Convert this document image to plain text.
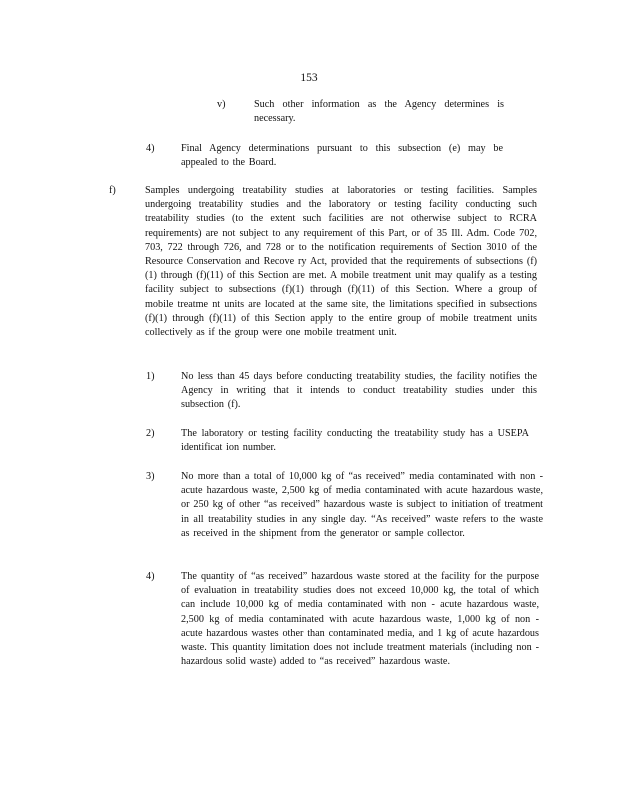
153
v)	Such other information as the Agency determines is necessary.
4)	Final Agency determinations pursuant to this subsection (e) may be appealed to the Board.
f)	Samples undergoing treatability studies at laboratories or testing facilities. Samples undergoing treatability studies and the laboratory or testing facility conducting such treatability studies (to the extent such facilities are not otherwise subject to RCRA requirements) are not subject to any requirement of this Part, or of 35 Ill. Adm. Code 702, 703, 722 through 726, and 728 or to the notification requirements of Section 3010 of the Resource Conservation and Recove ry Act, provided that the requirements of subsections (f)(1) through (f)(11) of this Section are met. A mobile treatment unit may qualify as a testing facility subject to subsections (f)(1) through (f)(11) of this Section. Where a group of mobile treatme nt units are located at the same site, the limitations specified in subsections (f)(1) through (f)(11) of this Section apply to the entire group of mobile treatment units collectively as if the group were one mobile treatment unit.
1)	No less than 45 days before conducting treatability studies, the facility notifies the Agency in writing that it intends to conduct treatability studies under this subsection (f).
2)	The laboratory or testing facility conducting the treatability study has a USEPA identificat ion number.
3)	No more than a total of 10,000 kg of “as received” media contaminated with non -acute hazardous waste, 2,500 kg of media contaminated with acute hazardous waste, or 250 kg of other “as received” hazardous waste is subject to initiation of treatment in all treatability studies in any single day. “As received” waste refers to the waste as received in the shipment from the generator or sample collector.
4)	The quantity of “as received” hazardous waste stored at the facility for the purpose of evaluation in treatability studies does not exceed 10,000 kg, the total of which can include 10,000 kg of media contaminated with non - acute hazardous waste, 2,500 kg of media contaminated with acute hazardous waste, 1,000 kg of non -acute hazardous wastes other than contaminated media, and 1 kg of acute hazardous waste. This quantity limitation does not include treatment materials (including non -hazardous solid waste) added to “as received” hazardous waste.
